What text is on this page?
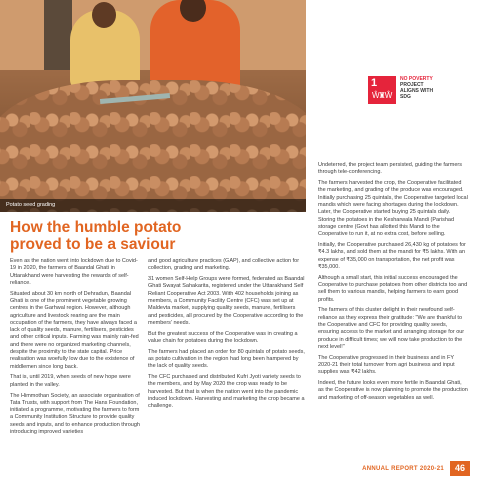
Potato seed grading
1
Ŵ♜Ŵ
NO POVERTY
PROJECT ALIGNS WITH SDG
How the humble potato proved to be a saviour

Even as the nation went into lockdown due to Covid-19 in 2020, the farmers of Baandal Ghati in Uttarakhand were harvesting the rewards of self-reliance.

Situated about 30 km north of Dehradun, Baandal Ghati is one of the prominent vegetable growing centres in the Garhwal region. However, although agriculture and livestock rearing are the main occupation of the farmers, they have always faced a lack of quality seeds, manure, fertilisers, pesticides and other critical inputs. Farming was mainly rain-fed and there were no organized marketing channels, despite the proximity to the state capital. Price realisation was woefully low due to the existence of middlemen since long back.

That is, until 2019, when seeds of new hope were planted in the valley.

The Himmothan Society, an associate organisation of Tata Trusts, with support from The Hans Foundation, initiated a programme, motivating the farmers to form a Community Institution Structure to provide quality seeds and inputs, and to enhance production through introducing improved varieties

and good agriculture practices (GAP), and collective action for collection, grading and marketing.

31 women Self-Help Groups were formed, federated as Baandal Ghati Swayat Sahakarita, registered under the Uttarakhand Self Reliant Cooperative Act 2003. With 402 households joining as members, a Community Facility Centre (CFC) was set up at Maldevta market, supplying quality seeds, manure, fertilisers and pesticides, all procured by the Cooperative according to the members' needs.

But the greatest success of the Cooperative was in creating a value chain for potatoes during the lockdown.

The farmers had placed an order for 80 quintals of potato seeds, as potato cultivation in the region had long been hampered by the lack of quality seeds.

The CFC purchased and distributed Kufri Jyoti variety seeds to the members, and by May 2020 the crop was ready to be harvested. But that is when the nation went into the pandemic induced lockdown. Harvesting and marketing the crop became a challenge.

Undeterred, the project team persisted, guiding the farmers through tele-conferencing.

The farmers harvested the crop, the Cooperative facilitated the marketing, and grading of the produce was encouraged. Initially purchasing 25 quintals, the Cooperative targeted local mandis which were facing shortages during the lockdown. Later, the Cooperative started buying 25 quintals daily. Storing the potatoes in the Kesharwala Mandi (Parishad storage centre (Govt has allotted this Mandi to the Cooperative to run it, at no extra cost, before selling.

Initially, the Cooperative purchased 26,430 kg of potatoes for ₹4.3 lakhs, and sold them at the mandi for ₹5 lakhs. With an expense of ₹35,000 on transportation, the net profit was ₹35,000.

Although a small start, this initial success encouraged the Cooperative to purchase potatoes from other districts too and sell them to various mandis, helping farmers to earn good profits.

The farmers of this cluster delight in their newfound self-reliance as they express their gratitude: "We are thankful to the Cooperative and CFC for providing quality seeds, ensuring access to the market and arranging storage for our produce in difficult times; we will now take production to the next level!"

The Cooperative progressed in their business and in FY 2020-21 their total turnover from agri business and input supplies was ₹42 lakhs.

Indeed, the future looks even more fertile in Baandal Ghati, as the Cooperative is now planning to promote the production and marketing of off-season vegetables as well.

ANNUAL REPORT 2020-21	46
